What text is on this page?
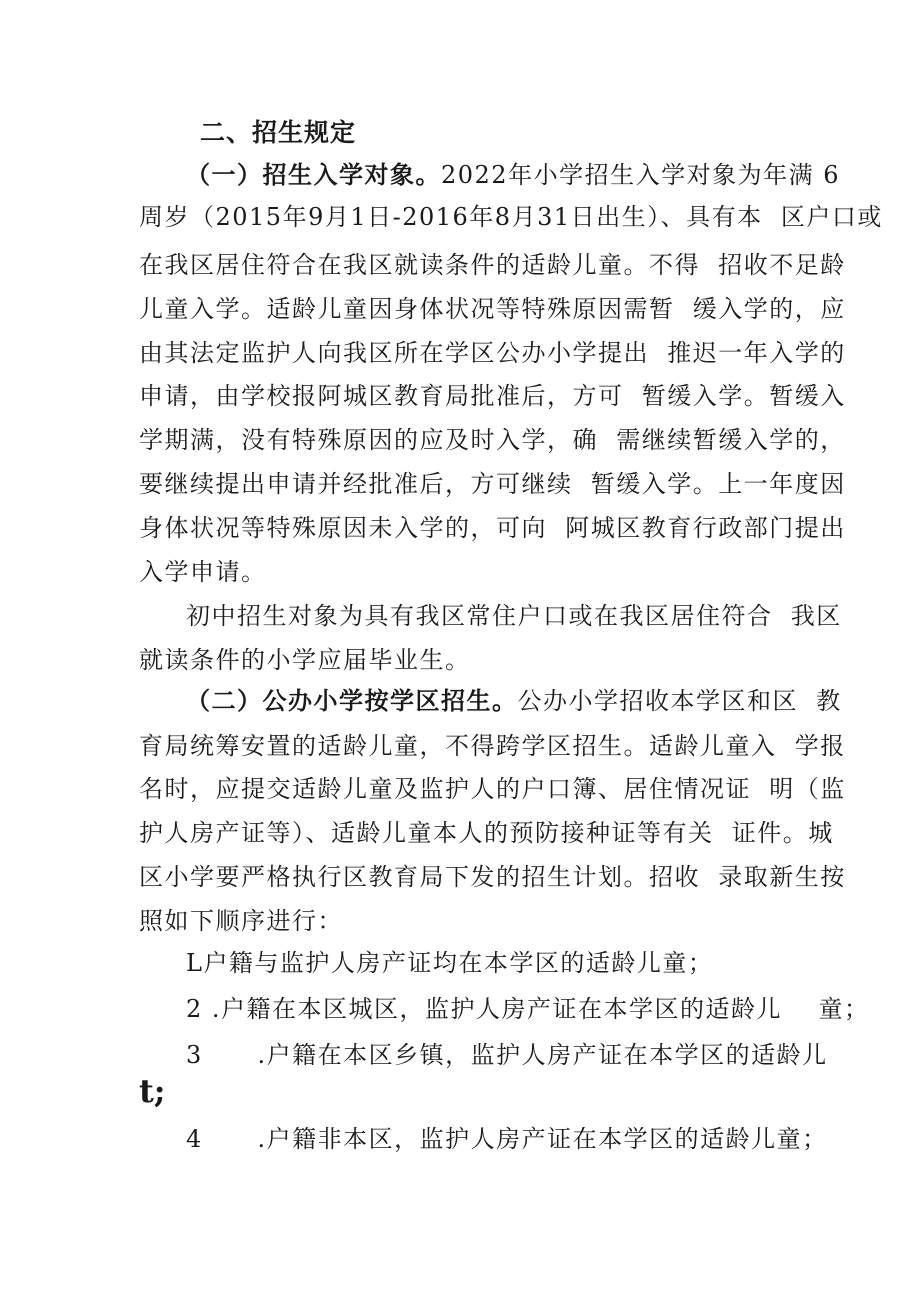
二、招生规定
（一）招生入学对象。2022年小学招生入学对象为年满 6
周岁（2015年9月1日-2016年8月31日出生）、具有本  区户口或
在我区居住符合在我区就读条件的适龄儿童。不得  招收不足龄
儿童入学。适龄儿童因身体状况等特殊原因需暂  缓入学的，应
由其法定监护人向我区所在学区公办小学提出  推迟一年入学的
申请，由学校报阿城区教育局批准后，方可  暂缓入学。暂缓入
学期满，没有特殊原因的应及时入学，确  需继续暂缓入学的，
要继续提出申请并经批准后，方可继续  暂缓入学。上一年度因
身体状况等特殊原因未入学的，可向  阿城区教育行政部门提出
入学申请。
初中招生对象为具有我区常住户口或在我区居住符合  我区
就读条件的小学应届毕业生。
（二）公办小学按学区招生。公办小学招收本学区和区  教
育局统筹安置的适龄儿童，不得跨学区招生。适龄儿童入  学报
名时，应提交适龄儿童及监护人的户口簿、居住情况证  明（监
护人房产证等）、适龄儿童本人的预防接种证等有关  证件。城
区小学要严格执行区教育局下发的招生计划。招收  录取新生按
照如下顺序进行：
L户籍与监护人房产证均在本学区的适龄儿童；
2 .户籍在本区城区，监护人房产证在本学区的适龄儿    童；
3      .户籍在本区乡镇，监护人房产证在本学区的适龄儿
t;
4      .户籍非本区，监护人房产证在本学区的适龄儿童；
